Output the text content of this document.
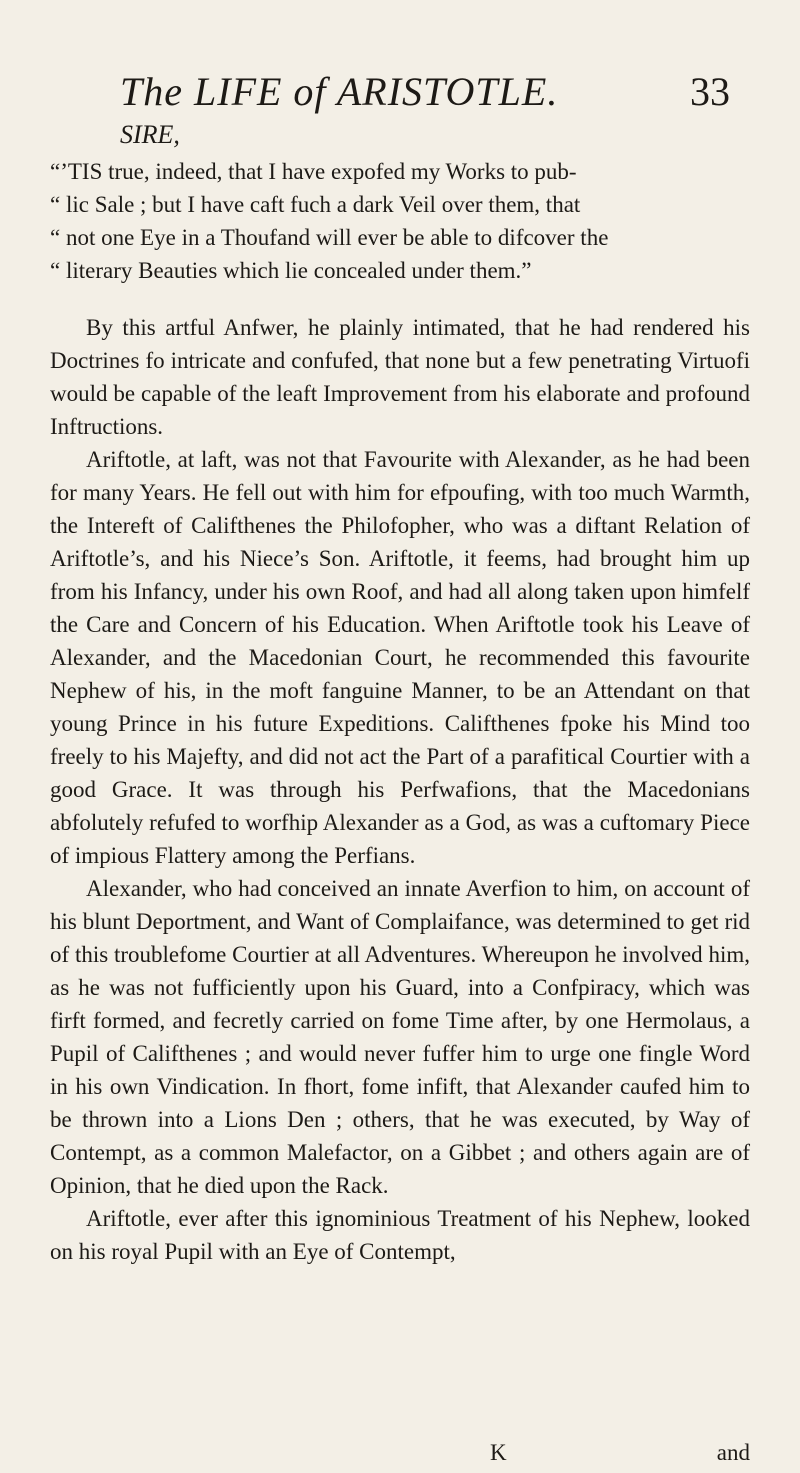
The LIFE of ARISTOTLE.	33
SIRE,
“’TIS true, indeed, that I have expofed my Works to pub-
“ lic Sale ; but I have caft fuch a dark Veil over them, that
“ not one Eye in a Thoufand will ever be able to difcover the
“ literary Beauties which lie concealed under them.”

By this artful Anfwer, he plainly intimated, that he had rendered his Doctrines fo intricate and confufed, that none but a few penetrating Virtuofi would be capable of the leaft Improvement from his elaborate and profound Inftructions.

Ariftotle, at laft, was not that Favourite with Alexander, as he had been for many Years. He fell out with him for efpoufing, with too much Warmth, the Intereft of Califthenes the Philofopher, who was a diftant Relation of Ariftotle’s, and his Niece’s Son. Ariftotle, it feems, had brought him up from his Infancy, under his own Roof, and had all along taken upon himfelf the Care and Concern of his Education. When Ariftotle took his Leave of Alexander, and the Macedonian Court, he recommended this favourite Nephew of his, in the moft fanguine Manner, to be an Attendant on that young Prince in his future Expeditions. Califthenes fpoke his Mind too freely to his Majefty, and did not act the Part of a parafitical Courtier with a good Grace. It was through his Perfwafions, that the Macedonians abfolutely refufed to worfhip Alexander as a God, as was a cuftomary Piece of impious Flattery among the Perfians.

Alexander, who had conceived an innate Averfion to him, on account of his blunt Deportment, and Want of Complaifance, was determined to get rid of this troublefome Courtier at all Adventures. Whereupon he involved him, as he was not fufficiently upon his Guard, into a Confpiracy, which was firft formed, and fecretly carried on fome Time after, by one Hermolaus, a Pupil of Califthenes ; and would never fuffer him to urge one fingle Word in his own Vindication. In fhort, fome infift, that Alexander caufed him to be thrown into a Lions Den ; others, that he was executed, by Way of Contempt, as a common Malefactor, on a Gibbet ; and others again are of Opinion, that he died upon the Rack.

Ariftotle, ever after this ignominious Treatment of his Nephew, looked on his royal Pupil with an Eye of Contempt,

K	and
